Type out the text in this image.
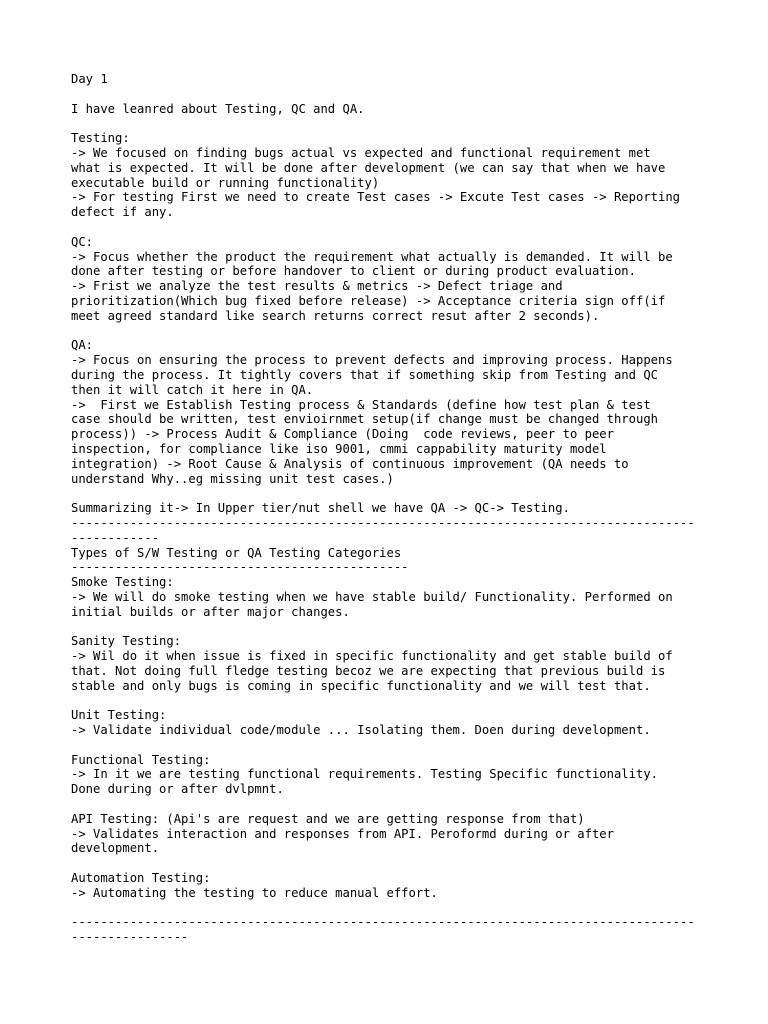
Day 1
I have leanred about Testing, QC and QA.
Testing:
-> We focused on finding bugs actual vs expected and functional requirement met
what is expected. It will be done after development (we can say that when we have
executable build or running functionality)
-> For testing First we need to create Test cases -> Excute Test cases -> Reporting
defect if any.
QC:
-> Focus whether the product the requirement what actually is demanded. It will be
done after testing or before handover to client or during product evaluation.
-> Frist we analyze the test results & metrics -> Defect triage and
prioritization(Which bug fixed before release) -> Acceptance criteria sign off(if
meet agreed standard like search returns correct resut after 2 seconds).
QA:
-> Focus on ensuring the process to prevent defects and improving process. Happens
during the process. It tightly covers that if something skip from Testing and QC
then it will catch it here in QA.
->  First we Establish Testing process & Standards (define how test plan & test
case should be written, test envioirnmet setup(if change must be changed through
process)) -> Process Audit & Compliance (Doing  code reviews, peer to peer
inspection, for compliance like iso 9001, cmmi cappability maturity model
integration) -> Root Cause & Analysis of continuous improvement (QA needs to
understand Why..eg missing unit test cases.)
Summarizing it-> In Upper tier/nut shell we have QA -> QC-> Testing.
-------------------------------------------------------------------------------------
------------
Types of S/W Testing or QA Testing Categories
----------------------------------------------
Smoke Testing:
-> We will do smoke testing when we have stable build/ Functionality. Performed on
initial builds or after major changes.
Sanity Testing:
-> Wil do it when issue is fixed in specific functionality and get stable build of
that. Not doing full fledge testing becoz we are expecting that previous build is
stable and only bugs is coming in specific functionality and we will test that.
Unit Testing:
-> Validate individual code/module ... Isolating them. Doen during development.
Functional Testing:
-> In it we are testing functional requirements. Testing Specific functionality.
Done during or after dvlpmnt.
API Testing: (Api's are request and we are getting response from that)
-> Validates interaction and responses from API. Peroformd during or after
development.
Automation Testing:
-> Automating the testing to reduce manual effort.
-------------------------------------------------------------------------------------
----------------
